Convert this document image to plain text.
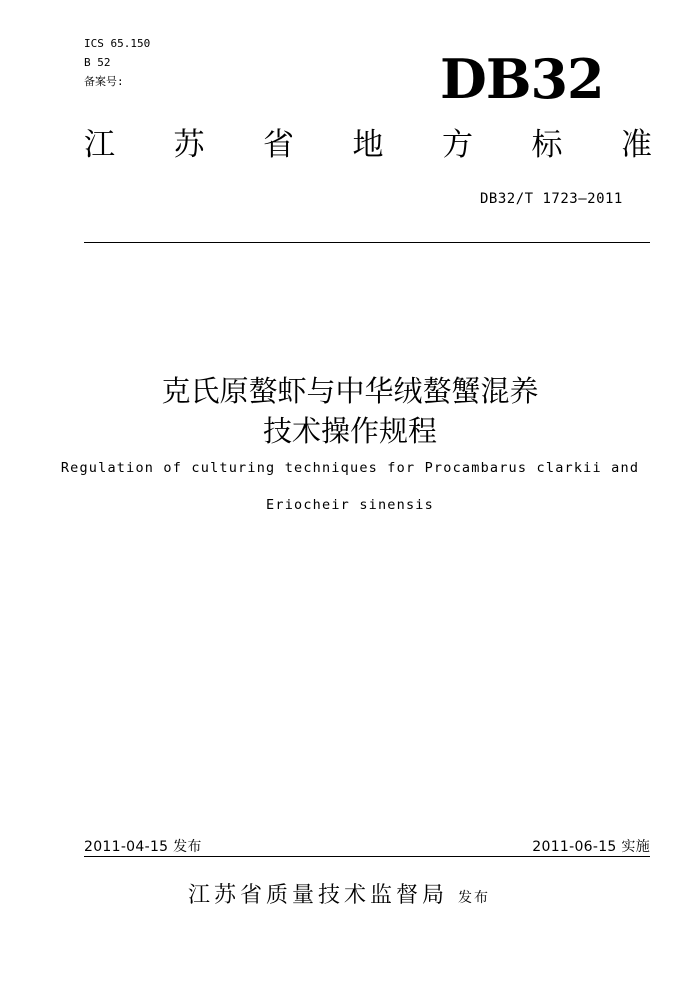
ICS 65.150
B 52
备案号:	DB32
江 苏 省 地 方 标 准
DB32/T 1723—2011
克氏原螯虾与中华绒螯蟹混养
技术操作规程
Regulation of culturing techniques for Procambarus clarkii and
Eriocheir sinensis
2011-04-15 发布	2011-06-15 实施
江苏省质量技术监督局 发布
